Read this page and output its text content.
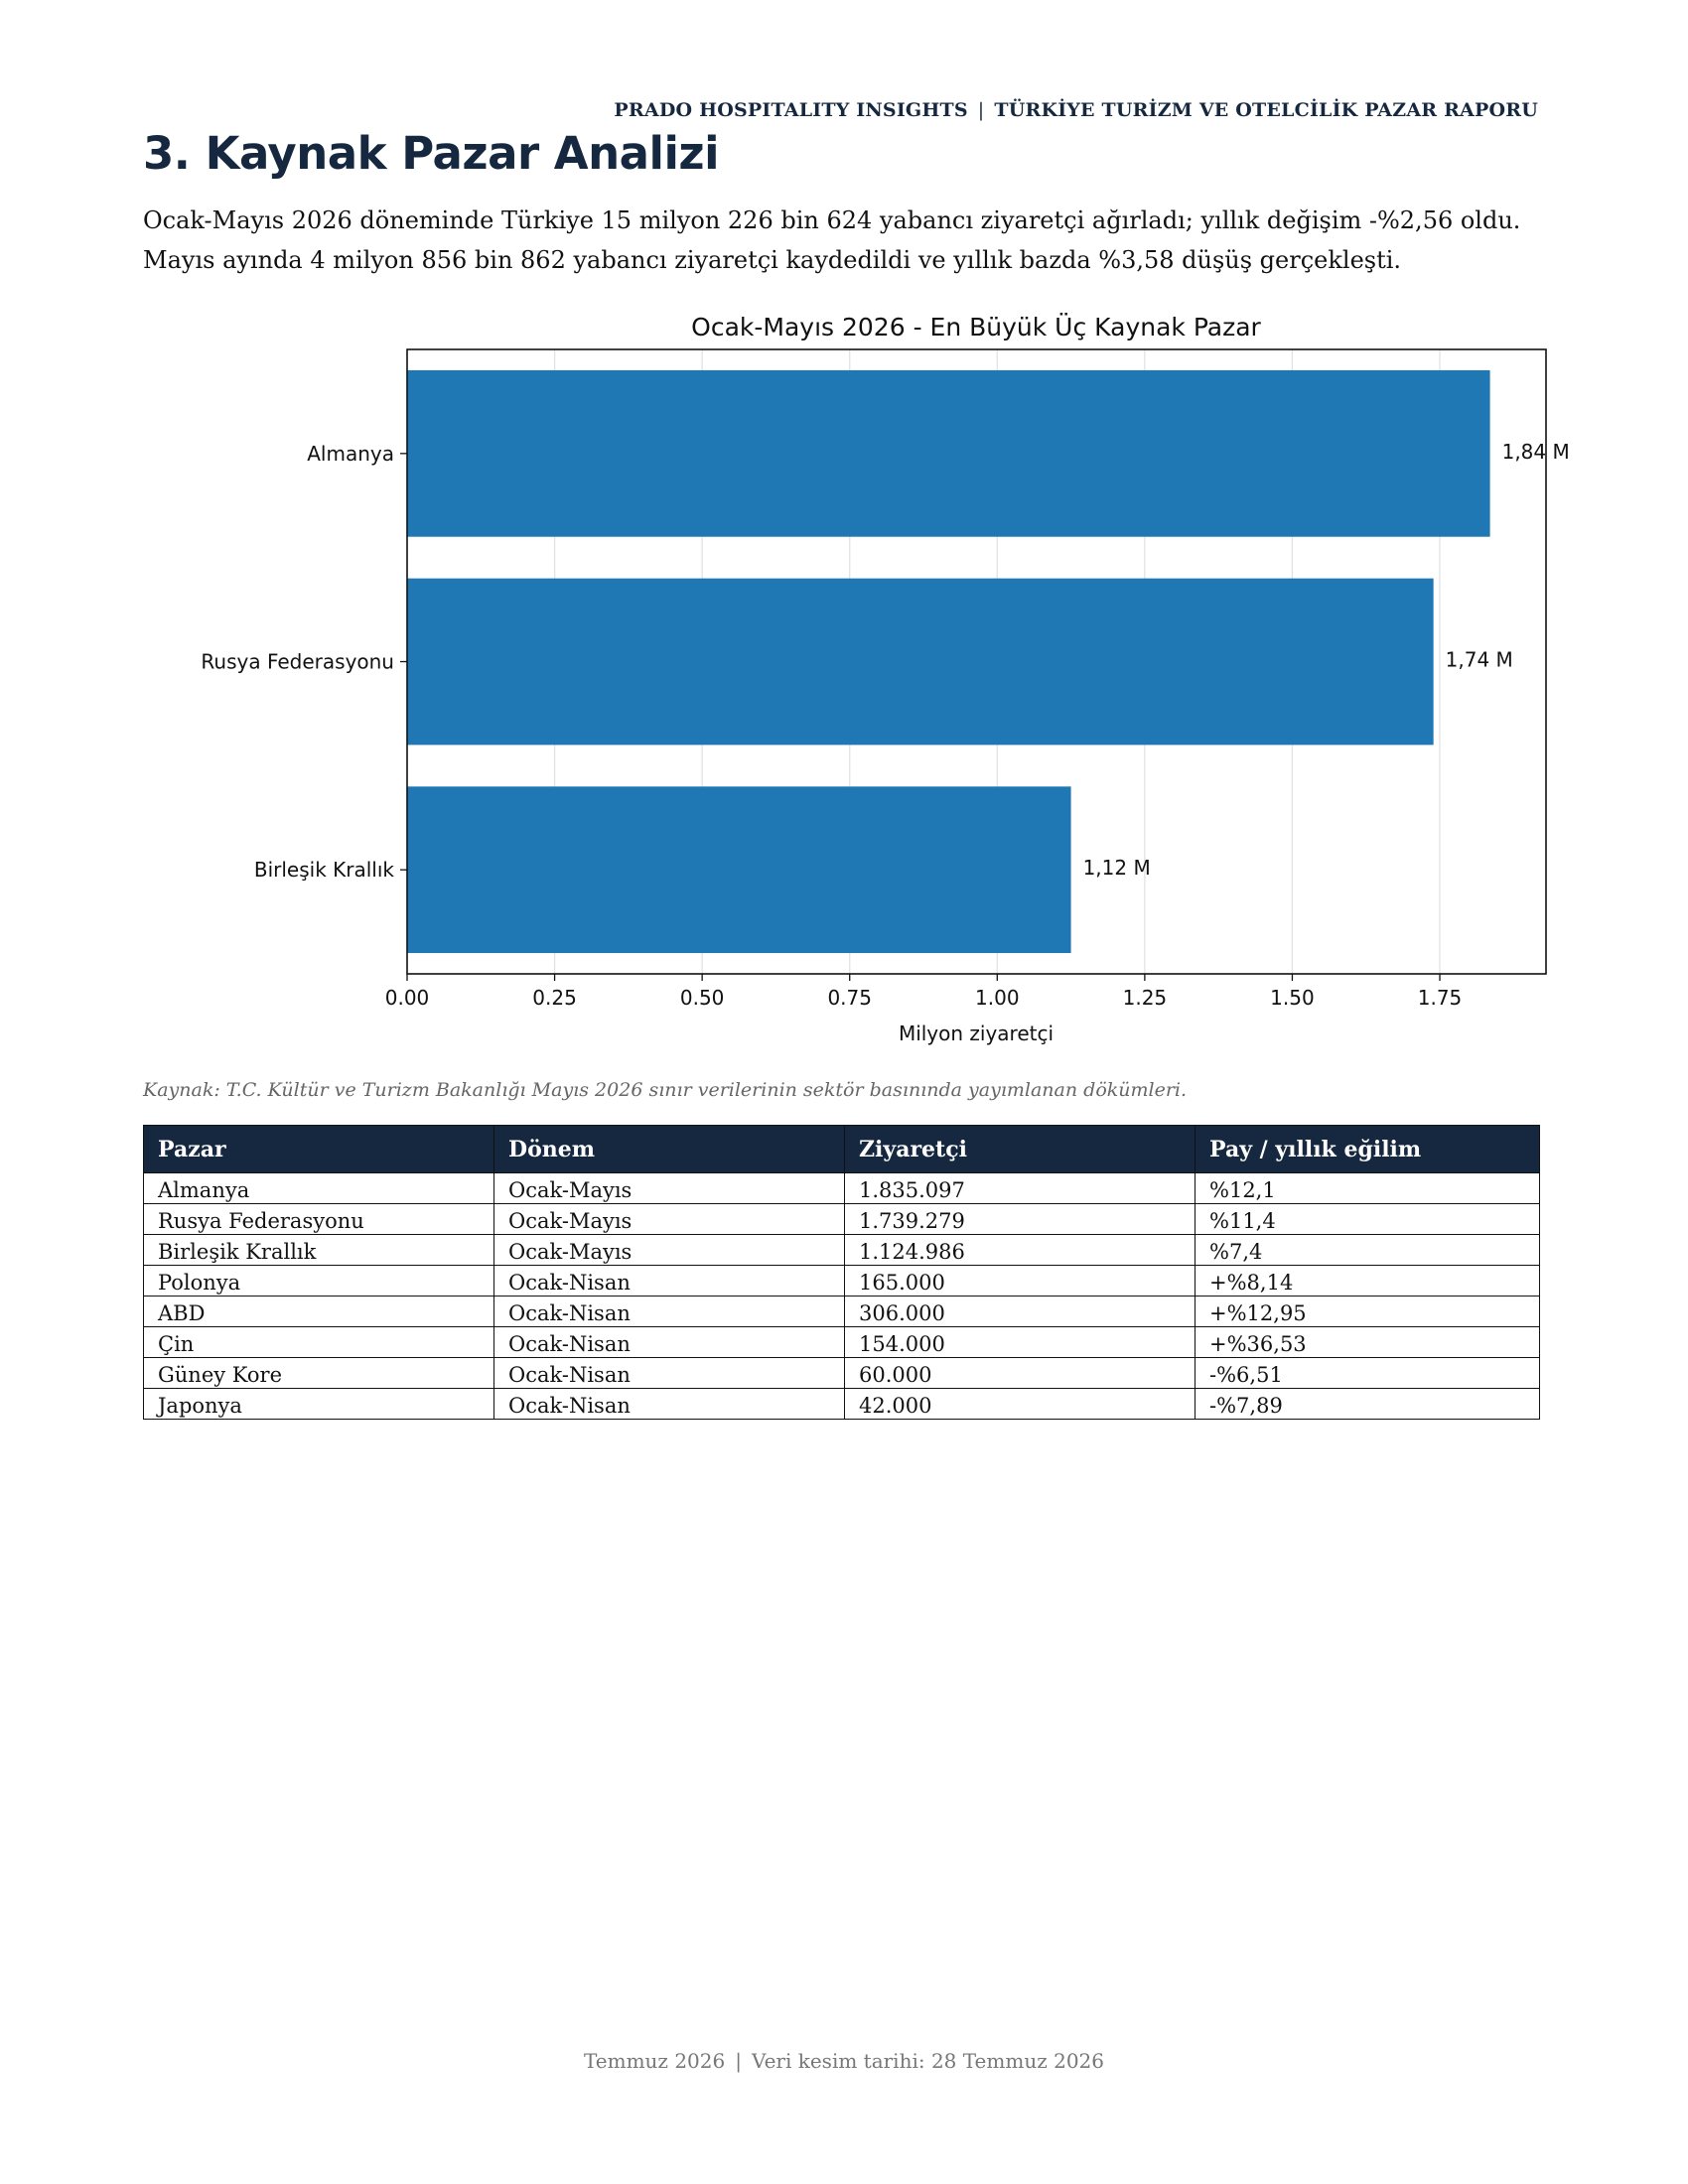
PRADO HOSPITALITY INSIGHTS | TÜRKİYE TURİZM VE OTELCİLİK PAZAR RAPORU
3. Kaynak Pazar Analizi

Ocak-Mayıs 2026 döneminde Türkiye 15 milyon 226 bin 624 yabancı ziyaretçi ağırladı; yıllık değişim -%2,56 oldu. Mayıs ayında 4 milyon 856 bin 862 yabancı ziyaretçi kaydedildi ve yıllık bazda %3,58 düşüş gerçekleşti.

Ocak-Mayıs 2026 - En Büyük Üç Kaynak Pazar
0.00	0.25	0.50	0.75	1.00	1.25	1.50	1.75
Almanya	1,84 M
Rusya Federasyonu	1,74 M
Birleşik Krallık	1,12 M
Milyon ziyaretçi

Kaynak: T.C. Kültür ve Turizm Bakanlığı Mayıs 2026 sınır verilerinin sektör basınında yayımlanan dökümleri.

Pazar	Dönem	Ziyaretçi	Pay / yıllık eğilim
Almanya	Ocak-Mayıs	1.835.097	%12,1
Rusya Federasyonu	Ocak-Mayıs	1.739.279	%11,4
Birleşik Krallık	Ocak-Mayıs	1.124.986	%7,4
Polonya	Ocak-Nisan	165.000	+%8,14
ABD	Ocak-Nisan	306.000	+%12,95
Çin	Ocak-Nisan	154.000	+%36,53
Güney Kore	Ocak-Nisan	60.000	-%6,51
Japonya	Ocak-Nisan	42.000	-%7,89
Temmuz 2026 | Veri kesim tarihi: 28 Temmuz 2026
